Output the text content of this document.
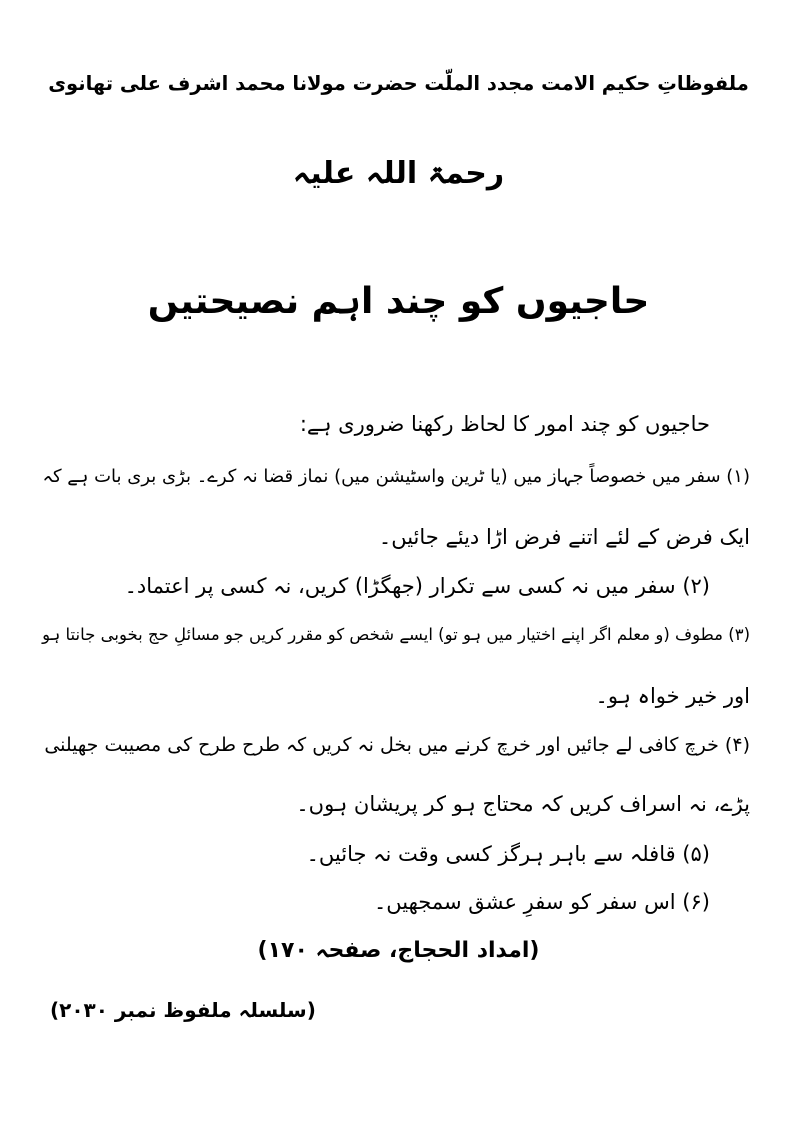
ملفوظاتِ حکیم الامت مجدد الملّت حضرت مولانا محمد اشرف علی تھانوی
رحمۃ اللہ علیہ
حاجیوں کو چند اہم نصیحتیں
حاجیوں کو چند امور کا لحاظ رکھنا ضروری ہے:
(۱) سفر میں خصوصاً جہاز میں (یا ٹرین واسٹیشن میں) نماز قضا نہ کرے۔ بڑی بری بات ہے کہ
ایک فرض کے لئے اتنے فرض اڑا دیئے جائیں۔
(۲) سفر میں نہ کسی سے تکرار (جھگڑا) کریں، نہ کسی پر اعتماد۔
(۳) مطوف (و معلم اگر اپنے اختیار میں ہو تو) ایسے شخص کو مقرر کریں جو مسائلِ حج بخوبی جانتا ہو
اور خیر خواہ ہو۔
(۴) خرچ کافی لے جائیں اور خرچ کرنے میں بخل نہ کریں کہ طرح طرح کی مصیبت جھیلنی
پڑے، نہ اسراف کریں کہ محتاج ہو کر پریشان ہوں۔
(۵) قافلہ سے باہر ہرگز کسی وقت نہ جائیں۔
(۶) اس سفر کو سفرِ عشق سمجھیں۔
(امداد الحجاج، صفحہ ۱۷۰)
(سلسلہ ملفوظ نمبر ۲۰۳۰)
